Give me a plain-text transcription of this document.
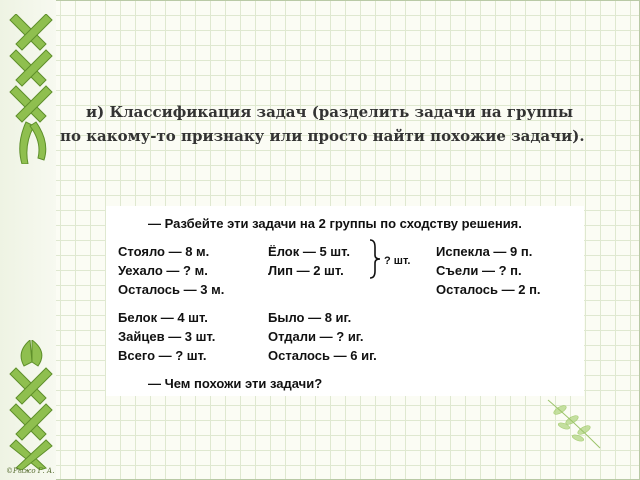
и) Классификация задач (разделить задачи на группы
по какому-то признаку или просто найти похожие задачи).
— Разбейте эти задачи на 2 группы по сходству решения.
Стояло — 8 м.
Уехало — ? м.
Осталось — 3 м.
Ёлок — 5 шт.
Лип — 2 шт.
? шт.
Испекла — 9 п.
Съели — ? п.
Осталось — 2 п.
Белок — 4 шт.
Зайцев — 3 шт.
Всего — ? шт.
Было — 8 иг.
Отдали — ? иг.
Осталось — 6 иг.
— Чем похожи эти задачи?
©Рыжо Г. А.
